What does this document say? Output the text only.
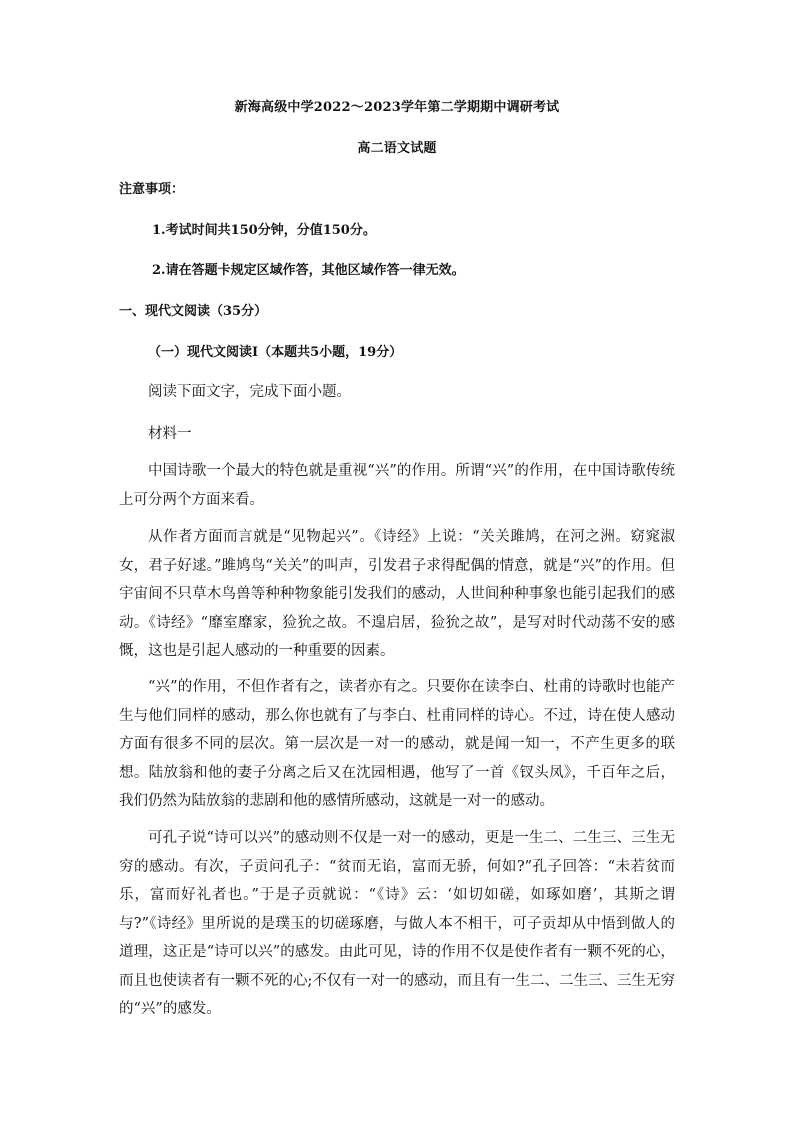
新海高级中学2022～2023学年第二学期期中调研考试
高二语文试题
注意事项：
1.考试时间共150分钟，分值150分。
2.请在答题卡规定区域作答，其他区域作答一律无效。
一、现代文阅读（35分）
（一）现代文阅读Ⅰ（本题共5小题，19分）
阅读下面文字，完成下面小题。
材料一

中国诗歌一个最大的特色就是重视“兴”的作用。所谓“兴”的作用，在中国诗歌传统上可分两个方面来看。

从作者方面而言就是“见物起兴”。《诗经》上说：“关关雎鸠，在河之洲。窈窕淑女，君子好逑。”雎鸠鸟“关关”的叫声，引发君子求得配偶的情意，就是“兴”的作用。但宇宙间不只草木鸟兽等种种物象能引发我们的感动，人世间种种事象也能引起我们的感动。《诗经》“靡室靡家，猃狁之故。不遑启居，猃狁之故”，是写对时代动荡不安的感慨，这也是引起人感动的一种重要的因素。

“兴”的作用，不但作者有之，读者亦有之。只要你在读李白、杜甫的诗歌时也能产生与他们同样的感动，那么你也就有了与李白、杜甫同样的诗心。不过，诗在使人感动方面有很多不同的层次。第一层次是一对一的感动，就是闻一知一，不产生更多的联想。陆放翁和他的妻子分离之后又在沈园相遇，他写了一首《钗头凤》，千百年之后，我们仍然为陆放翁的悲剧和他的感情所感动，这就是一对一的感动。

可孔子说“诗可以兴”的感动则不仅是一对一的感动，更是一生二、二生三、三生无穷的感动。有次，子贡问孔子：“贫而无谄，富而无骄，何如?”孔子回答：“未若贫而乐，富而好礼者也。”于是子贡就说：“《诗》云：‘如切如磋，如琢如磨’，其斯之谓与?”《诗经》里所说的是璞玉的切磋琢磨，与做人本不相干，可子贡却从中悟到做人的道理，这正是“诗可以兴”的感发。由此可见，诗的作用不仅是使作者有一颗不死的心，而且也使读者有一颗不死的心;不仅有一对一的感动，而且有一生二、二生三、三生无穷的“兴”的感发。
